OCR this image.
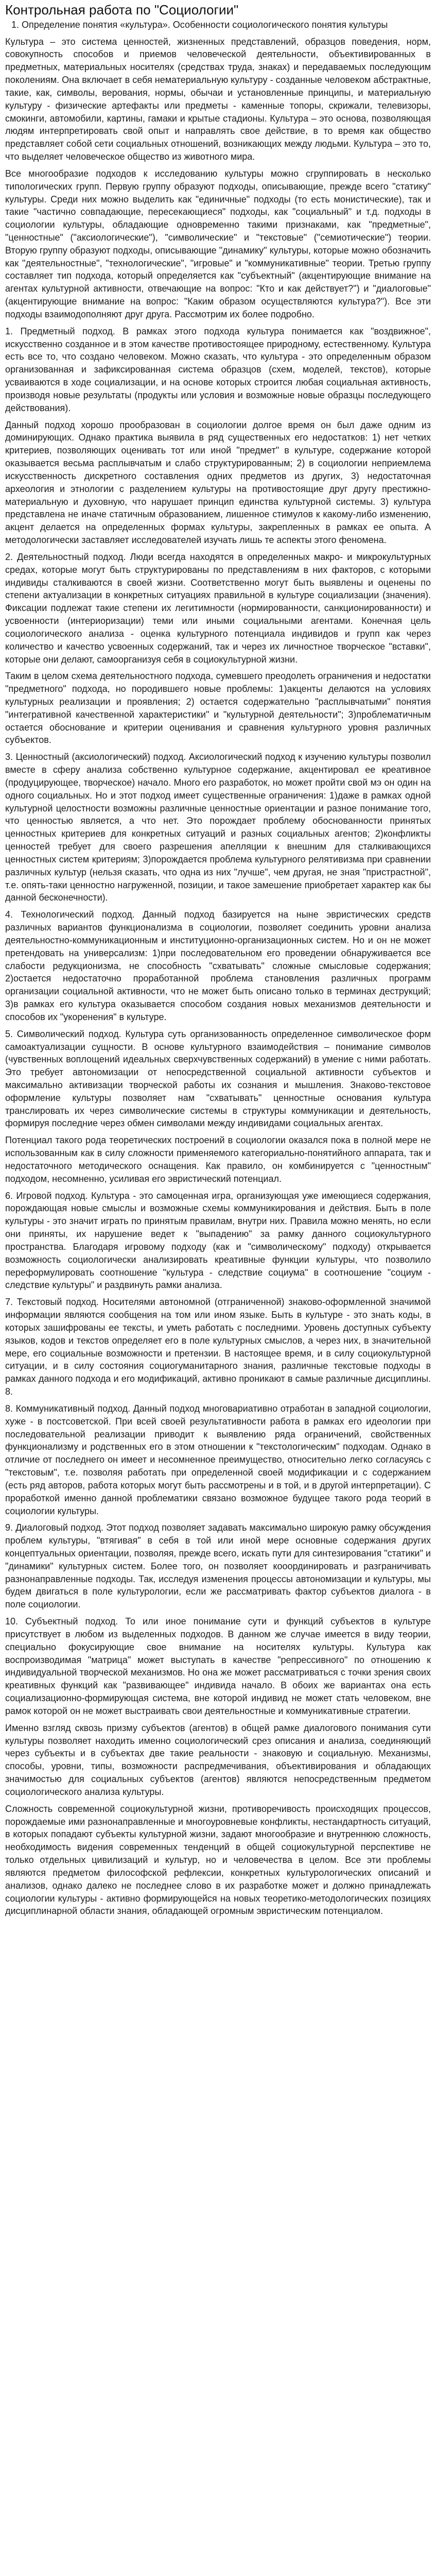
Контрольная работа по "Социологии"
1. Определение понятия «культура». Особенности социологического понятия культуры

Культура – это система ценностей, жизненных представлений, образцов поведения, норм, совокупность способов и приемов человеческой деятельности, объективированных в предметных, материальных носителях (средствах труда, знаках) и передаваемых последующим поколениям. Она включает в себя нематериальную культуру - созданные человеком абстрактные, такие, как, символы, верования, нормы, обычаи и установленные принципы, и материальную культуру - физические артефакты или предметы - каменные топоры, скрижали, телевизоры, смокинги, автомобили, картины, гамаки и крытые стадионы. Культура – это основа, позволяющая людям интерпретировать свой опыт и направлять свое действие, в то время как общество представляет собой сети социальных отношений, возникающих между людьми. Культура – это то, что выделяет человеческое общество из животного мира.

Все многообразие подходов к исследованию культуры можно сгруппировать в несколько типологических групп. Первую группу образуют подходы, описывающие, прежде всего "статику" культуры. Среди них можно выделить как "единичные" подходы (то есть монистические), так и такие "частично совпадающие, пересекающиеся" подходы, как "социальный" и т.д. подходы в социологии культуры, обладающие одновременно такими признаками, как "предметные", "ценностные" ("аксиологические"), "символические" и "текстовые" ("семиотические") теории. Вторую группу образуют подходы, описывающие "динамику" культуры, которые можно обозначить как "деятельностные", "технологические", "игровые" и "коммуникативные" теории. Третью группу составляет тип подхода, который определяется как "субъектный" (акцентирующие внимание на агентах культурной активности, отвечающие на вопрос: "Кто и как действует?") и "диалоговые" (акцентирующие внимание на вопрос: "Каким образом осуществляются культура?"). Все эти подходы взаимодополняют друг друга. Рассмотрим их более подробно.

1. Предметный подход. В рамках этого подхода культура понимается как "воздвижное", искусственно созданное и в этом качестве противостоящее природному, естественному. Культура есть все то, что создано человеком. Можно сказать, что культура - это определенным образом организованная и зафиксированная система образцов (схем, моделей, текстов), которые усваиваются в ходе социализации, и на основе которых строится любая социальная активность, производя новые результаты (продукты или условия и возможные новые образцы последующего действования).

Данный подход хорошо прообразован в социологии долгое время он был даже одним из доминирующих. Однако практика выявила в ряд существенных его недостатков: 1) нет четких критериев, позволяющих оценивать тот или иной "предмет" в культуре, содержание которой оказывается весьма расплывчатым и слабо структурированным; 2) в социологии неприемлема искусственность дискретного составления одних предметов из других, 3) недостаточная археология и этнологии с разделением культуры на противостоящие друг другу престижно-материальную и духовную, что нарушает принцип единства культурной системы. 3) культура представлена не иначе статичным образованием, лишенное стимулов к какому-либо изменению, акцент делается на определенных формах культуры, закрепленных в рамках ее опыта. А методологически заставляет исследователей изучать лишь те аспекты этого феномена.

2. Деятельностный подход. Люди всегда находятся в определенных макро- и микрокультурных средах, которые могут быть структурированы по представлениям в них факторов, с которыми индивиды сталкиваются в своей жизни. Соответственно могут быть выявлены и оценены по степени актуализации в конкретных ситуациях правильной в культуре социализации (значения). Фиксации подлежат такие степени их легитимности (нормированности, санкционированности) и усвоенности (интериоризации) теми или иными социальными агентами. Конечная цель социологического анализа - оценка культурного потенциала индивидов и групп как через количество и качество усвоенных содержаний, так и через их личностное творческое "вставки", которые они делают, самоорганизуя себя в социокультурной жизни.

Таким в целом схема деятельностного подхода, сумевшего преодолеть ограничения и недостатки "предметного" подхода, но породившего новые проблемы: 1)акценты делаются на условиях культурных реализации и проявления; 2) остается содержательно "расплывчатыми" понятия "интегративной качественной характеристики" и "культурной деятельности"; 3)проблематичным остается обоснование и критерии оценивания и сравнения культурного уровня различных субъектов.

3. Ценностный (аксиологический) подход. Аксиологический подход к изучению культуры позволил вместе в сферу анализа собственно культурное содержание, акцентировал ее креативное (продуцирующее, творческое) начало. Много его разработок, но может пройти свой мэ он один на одного социальных. Но и этот подход имеет существенные ограничения: 1)даже в рамках одной культурной целостности возможны различные ценностные ориентации и разное понимание того, что ценностью является, а что нет. Это порождает проблему обоснованности принятых ценностных критериев для конкретных ситуаций и разных социальных агентов; 2)конфликты ценностей требует для своего разрешения апелляции к внешним для сталкивающихся ценностных систем критериям; 3)порождается проблема культурного релятивизма при сравнении различных культур (нельзя сказать, что одна из них "лучше", чем другая, не зная "пристрастной", т.е. опять-таки ценностно нагруженной, позиции, и такое замешение приобретает характер как бы данной бесконечности).

4. Технологический подход. Данный подход базируется на ныне эвристических средств различных вариантов функционализма в социологии, позволяет соединить уровни анализа деятельностно-коммуникационным и институционно-организационных систем. Но и он не может претендовать на универсализм: 1)при последовательном его проведении обнаруживается все слабости редукционизма, не способность "схватывать" сложные смысловые содержания; 2)остается недостаточно проработанной проблема становления различных программ организации социальной активности, что не может быть описано только в терминах деструкций; 3)в рамках его культура оказывается способом создания новых механизмов деятельности и способов их "укоренения" в культуре.

5. Символический подход. Культура суть организованность определенное символическое форм самоактуализации сущности. В основе культурного взаимодействия – понимание символов (чувственных воплощений идеальных сверхчувственных содержаний) в умение с ними работать. Это требует автономизации от непосредственной социальной активности субъектов и максимально активизации творческой работы их сознания и мышления. Знаково-текстовое оформление культуры позволяет нам "схватывать" ценностные основания культура транслировать их через символические системы в структуры коммуникации и деятельность, формируя последние через обмен символами между индивидами социальных агентах.

Потенциал такого рода теоретических построений в социологии оказался пока в полной мере не использованным как в силу сложности применяемого категориально-понятийного аппарата, так и недостаточного методического оснащения. Как правило, он комбинируется с "ценностным" подходом, несомненно, усиливая его эвристический потенциал.

6. Игровой подход. Культура - это самоценная игра, организующая уже имеющиеся содержания, порождающая новые смыслы и возможные схемы коммуникирования и действия. Быть в поле культуры - это значит играть по принятым правилам, внутри них. Правила можно менять, но если они приняты, их нарушение ведет к "выпадению" за рамку данного социокультурного пространства. Благодаря игровому подходу (как и "символическому" подходу) открывается возможность социологически анализировать креативные функции культуры, что позволило переформулировать соотношение "культура - следствие социума" в соотношение "социум - следствие культуры" и раздвинуть рамки анализа.

7. Текстовый подход. Носителями автономной (отграниченной) знаково-оформленной значимой информации являются сообщения на том или ином языке. Быть в культуре - это знать коды, в которых зашифрованы ее тексты, и уметь работать с последними. Уровень доступных субъекту языков, кодов и текстов определяет его в поле культурных смыслов, а через них, в значительной мере, его социальные возможности и претензии. В настоящее время, и в силу социокультурной ситуации, и в силу состояния социогуманитарного знания, различные текстовые подходы в рамках данного подхода и его модификаций, активно проникают в самые различные дисциплины. 8.

8. Коммуникативный подход. Данный подход многовариативно отработан в западной социологии, хуже - в постсоветской. При всей своей результативности работа в рамках его идеологии при последовательной реализации приводит к выявлению ряда ограничений, свойственных функционализму и родственных его в этом отношении к "текстологическим" подходам. Однако в отличие от последнего он имеет и несомненное преимущество, относительно легко согласуясь с "текстовым", т.е. позволяя работать при определенной своей модификации и с содержанием (есть ряд авторов, работа которых могут быть рассмотрены и в той, и в другой интерпретации). С проработкой именно данной проблематики связано возможное будущее такого рода теорий в социологии культуры.

9. Диалоговый подход. Этот подход позволяет задавать максимально широкую рамку обсуждения проблем культуры, "втягивая" в себя в той или иной мере основные содержания других концептуальных ориентации, позволяя, прежде всего, искать пути для синтезирования "статики" и "динамики" культурных систем. Более того, он позволяет кооординировать и разграничивать разнонаправленные подходы. Так, исследуя изменения процессы автономизации и культуры, мы будем двигаться в поле культурологии, если же рассматривать фактор субъектов диалога - в поле социологии.

10. Субъектный подход. То или иное понимание сути и функций субъектов в культуре присутствует в любом из выделенных подходов. В данном же случае имеется в виду теории, специально фокусирующие свое внимание на носителях культуры. Культура как воспроизводимая "матрица" может выступать в качестве "репрессивного" по отношению к индивидуальной творческой механизмов. Но она же может рассматриваться с точки зрения своих креативных функций как "развивающее" индивида начало. В обоих же вариантах она есть социализационно-формирующая система, вне которой индивид не может стать человеком, вне рамок которой он не может выстраивать свои деятельностные и коммуникативные стратегии.

Именно взгляд сквозь призму субъектов (агентов) в общей рамке диалогового понимания сути культуры позволяет находить именно социологический срез описания и анализа, соединяющий через субъекты и в субъектах две такие реальности - знаковую и социальную. Механизмы, способы, уровни, типы, возможности распредмечивания, объективирования и обладающих значимостью для социальных субъектов (агентов) являются непосредственным предметом социологического анализа культуры.

Сложность современной социокультурной жизни, противоречивость происходящих процессов, порождаемые ими разнонаправленные и многоуровневые конфликты, нестандартность ситуаций, в которых попадают субъекты культурной жизни, задают многообразие и внутреннюю сложность, необходимость видения современных тенденций в общей социокультурной перспективе не только отдельных цивилизаций и культур, но и человечества в целом. Все эти проблемы являются предметом философской рефлексии, конкретных культурологических описаний и анализов, однако далеко не последнее слово в их разработке может и должно принадлежать социологии культуры - активно формирующейся на новых теоретико-методологических позициях дисциплинарной области знания, обладающей огромным эвристическим потенциалом.
